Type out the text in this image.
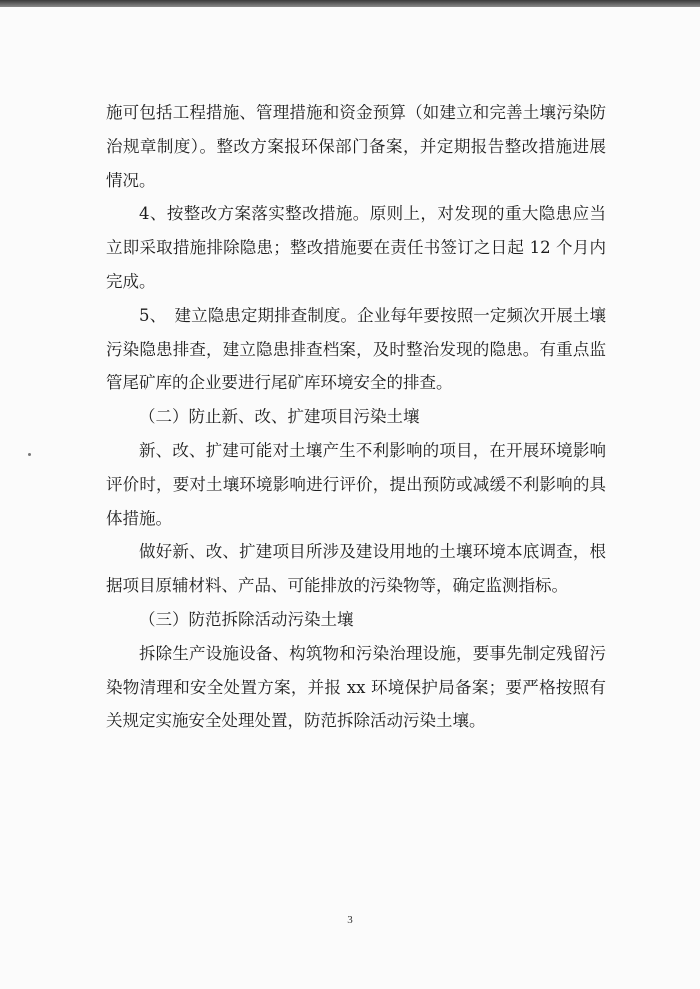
施可包括工程措施、管理措施和资金预算（如建立和完善土壤污染防治规章制度）。整改方案报环保部门备案，并定期报告整改措施进展情况。

4、按整改方案落实整改措施。原则上，对发现的重大隐患应当立即采取措施排除隐患；整改措施要在责任书签订之日起 12 个月内完成。

5、　建立隐患定期排查制度。企业每年要按照一定频次开展土壤污染隐患排查，建立隐患排查档案，及时整治发现的隐患。有重点监管尾矿库的企业要进行尾矿库环境安全的排查。

（二）防止新、改、扩建项目污染土壤

新、改、扩建可能对土壤产生不利影响的项目，在开展环境影响评价时，要对土壤环境影响进行评价，提出预防或减缓不利影响的具体措施。

做好新、改、扩建项目所涉及建设用地的土壤环境本底调查，根据项目原辅材料、产品、可能排放的污染物等，确定监测指标。

（三）防范拆除活动污染土壤

拆除生产设施设备、构筑物和污染治理设施，要事先制定残留污染物清理和安全处置方案，并报 xx 环境保护局备案；要严格按照有关规定实施安全处理处置，防范拆除活动污染土壤。

3
